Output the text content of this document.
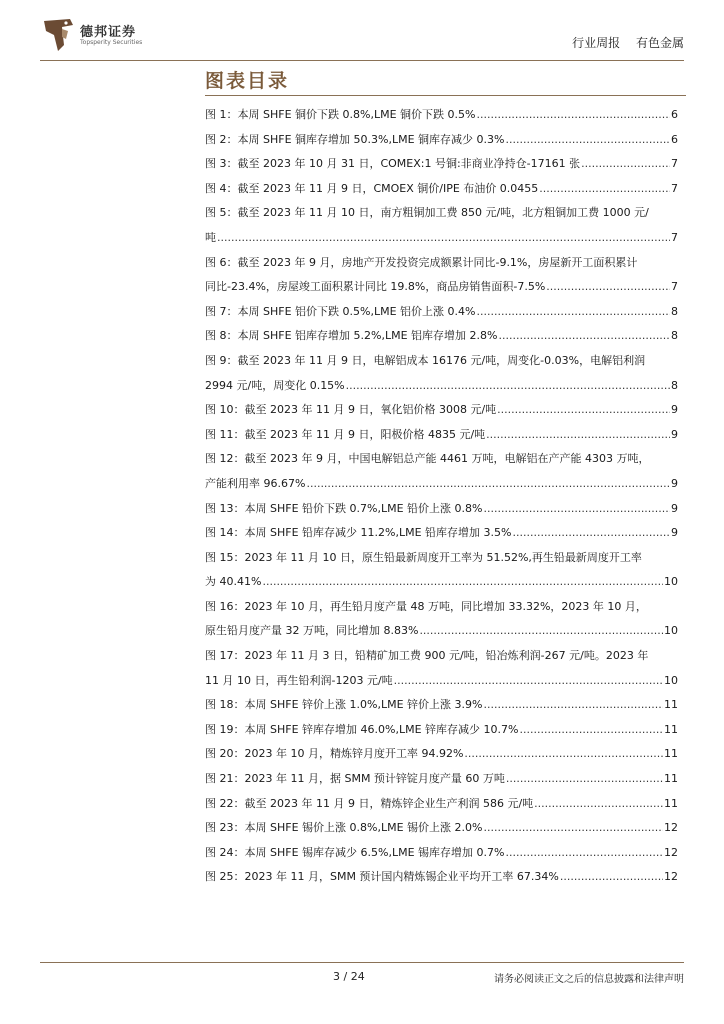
德邦证券
Topsperity Securities	行业周报 有色金属
图表目录
图 1：本周 SHFE 铜价下跌 0.8%,LME 铜价下跌 0.5% .....	6
图 2：本周 SHFE 铜库存增加 50.3%,LME 铜库存减少 0.3% .....	6
图 3：截至 2023 年 10 月 31 日，COMEX:1 号铜:非商业净持仓-17161 张 .....	7
图 4：截至 2023 年 11 月 9 日，CMOEX 铜价/IPE 布油价 0.0455 .....	7
图 5：截至 2023 年 11 月 10 日，南方粗铜加工费 850 元/吨，北方粗铜加工费 1000 元/
吨 .....	7
图 6：截至 2023 年 9 月，房地产开发投资完成额累计同比-9.1%，房屋新开工面积累计
同比-23.4%，房屋竣工面积累计同比 19.8%，商品房销售面积-7.5% .....	7
图 7：本周 SHFE 铝价下跌 0.5%,LME 铝价上涨 0.4% .....	8
图 8：本周 SHFE 铝库存增加 5.2%,LME 铝库存增加 2.8% .....	8
图 9：截至 2023 年 11 月 9 日，电解铝成本 16176 元/吨，周变化-0.03%，电解铝利润
2994 元/吨，周变化 0.15% .....	8
图 10：截至 2023 年 11 月 9 日，氧化铝价格 3008 元/吨 .....	9
图 11：截至 2023 年 11 月 9 日，阳极价格 4835 元/吨 .....	9
图 12：截至 2023 年 9 月，中国电解铝总产能 4461 万吨，电解铝在产产能 4303 万吨，
产能利用率 96.67% .....	9
图 13：本周 SHFE 铅价下跌 0.7%,LME 铅价上涨 0.8% .....	9
图 14：本周 SHFE 铅库存减少 11.2%,LME 铅库存增加 3.5% .....	9
图 15：2023 年 11 月 10 日，原生铅最新周度开工率为 51.52%,再生铅最新周度开工率
为 40.41% .....	10
图 16：2023 年 10 月，再生铅月度产量 48 万吨，同比增加 33.32%，2023 年 10 月，
原生铅月度产量 32 万吨，同比增加 8.83% .....	10
图 17：2023 年 11 月 3 日，铅精矿加工费 900 元/吨，铅冶炼利润-267 元/吨。2023 年
11 月 10 日，再生铅利润-1203 元/吨 .....	10
图 18：本周 SHFE 锌价上涨 1.0%,LME 锌价上涨 3.9% .....	11
图 19：本周 SHFE 锌库存增加 46.0%,LME 锌库存减少 10.7% .....	11
图 20：2023 年 10 月，精炼锌月度开工率 94.92% .....	11
图 21：2023 年 11 月，据 SMM 预计锌锭月度产量 60 万吨 .....	11
图 22：截至 2023 年 11 月 9 日，精炼锌企业生产利润 586 元/吨 .....	11
图 23：本周 SHFE 锡价上涨 0.8%,LME 锡价上涨 2.0% .....	12
图 24：本周 SHFE 锡库存减少 6.5%,LME 锡库存增加 0.7% .....	12
图 25：2023 年 11 月，SMM 预计国内精炼锡企业平均开工率 67.34% .....	12
3 / 24	请务必阅读正文之后的信息披露和法律声明
